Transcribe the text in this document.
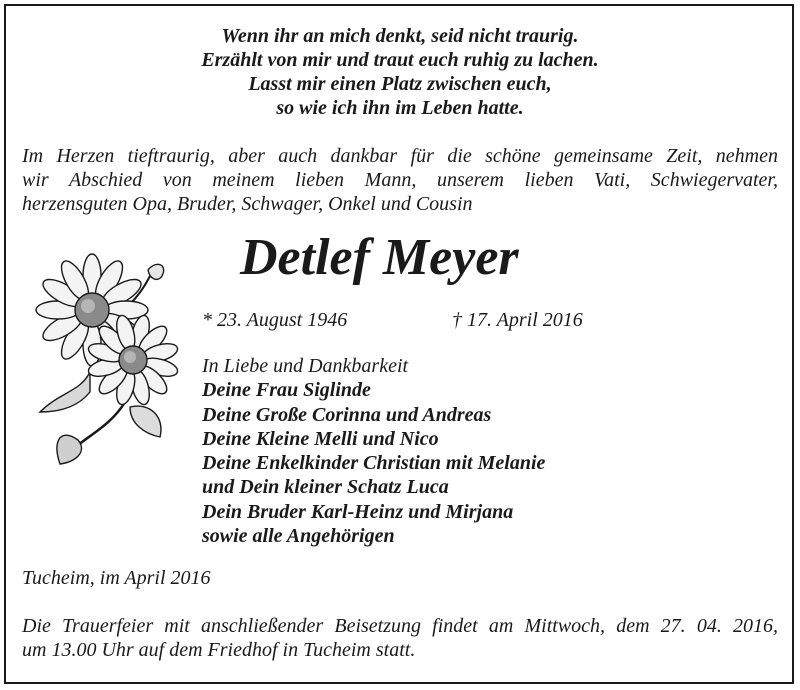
Wenn ihr an mich denkt, seid nicht traurig.
Erzählt von mir und traut euch ruhig zu lachen.
Lasst mir einen Platz zwischen euch,
so wie ich ihn im Leben hatte.
Im Herzen tieftraurig, aber auch dankbar für die schöne gemeinsame Zeit, nehmen
wir Abschied von meinem lieben Mann, unserem lieben Vati, Schwiegervater,
herzensguten Opa, Bruder, Schwager, Onkel und Cousin
Detlef Meyer
* 23. August 1946	† 17. April 2016
In Liebe und Dankbarkeit
Deine Frau Siglinde
Deine Große Corinna und Andreas
Deine Kleine Melli und Nico
Deine Enkelkinder Christian mit Melanie
und Dein kleiner Schatz Luca
Dein Bruder Karl-Heinz und Mirjana
sowie alle Angehörigen
Tucheim, im April 2016
Die Trauerfeier mit anschließender Beisetzung findet am Mittwoch, dem 27. 04. 2016,
um 13.00 Uhr auf dem Friedhof in Tucheim statt.
